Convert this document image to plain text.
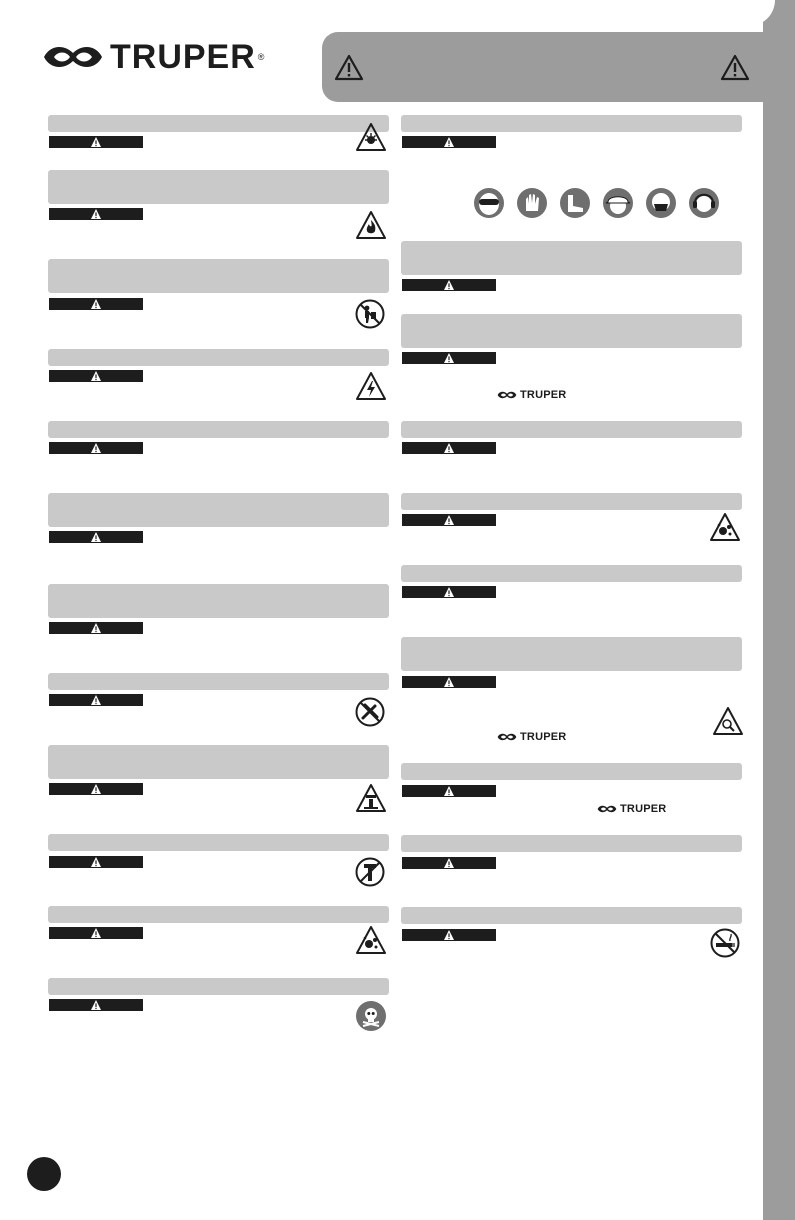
TRUPER ®
TRUPER
TRUPER
TRUPER
